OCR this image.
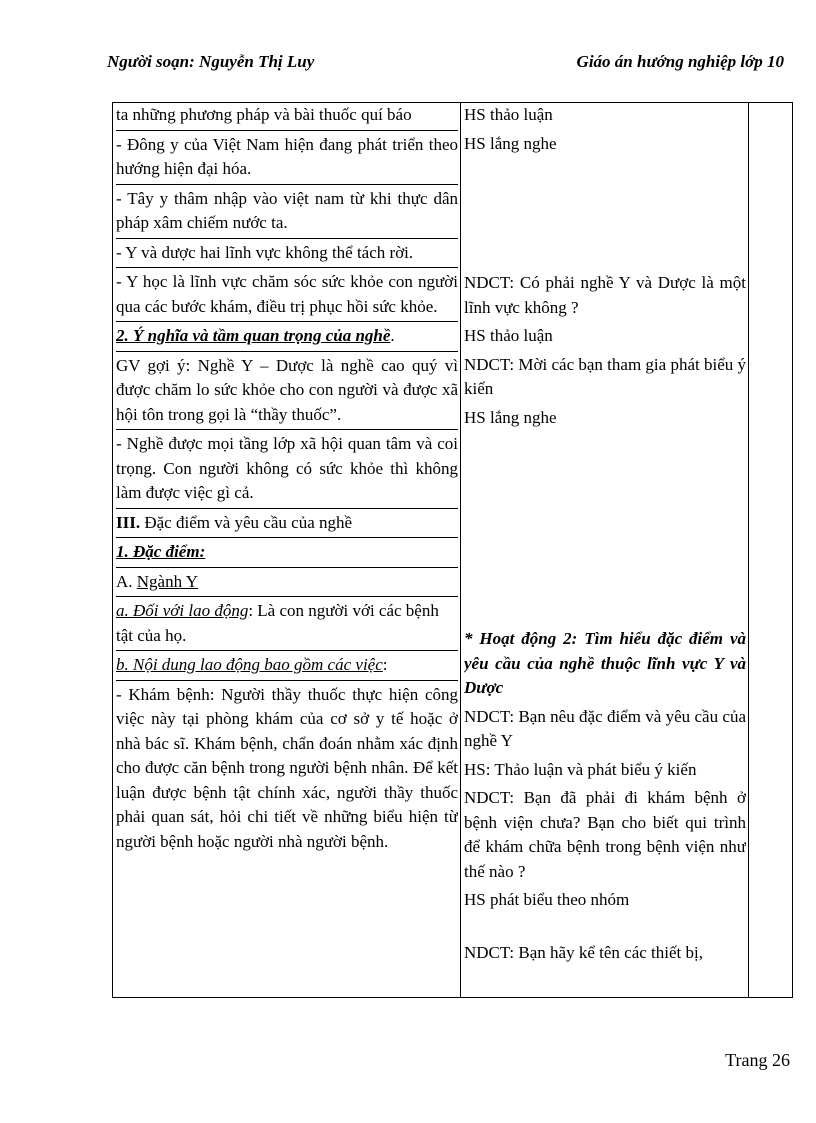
Người soạn: Nguyễn Thị Luy	Giáo án hướng nghiệp lớp 10

ta những phương pháp và bài thuốc quí báo

- Đông y của Việt Nam hiện đang phát triển theo hướng hiện đại hóa.

- Tây y thâm nhập vào việt nam từ khi thực dân pháp xâm chiếm nước ta.

- Y và dược hai lĩnh vực không thể tách rời.

- Y học là lĩnh vực chăm sóc sức khỏe con người qua các bước khám, điều trị phục hồi sức khỏe.

2. Ý nghĩa và tầm quan trọng của nghề.

GV gợi ý: Nghề Y – Dược là nghề cao quý vì được chăm lo sức khỏe cho con người và được xã hội tôn trong gọi là “thầy thuốc”.

- Nghề được mọi tầng lớp xã hội quan tâm và coi trọng. Con người không có sức khỏe thì không làm được việc gì cả.

III. Đặc điểm và yêu cầu của nghề

1. Đặc điểm:

A. Ngành Y

a. Đối với lao động: Là con người với các bệnh tật của họ.

b. Nội dung lao động bao gồm các việc:

- Khám bệnh: Người thầy thuốc thực hiện công việc này tại phòng khám của cơ sở y tế hoặc ở nhà bác sĩ. Khám bệnh, chẩn đoán nhằm xác định cho được căn bệnh trong người bệnh nhân. Để kết luận được bệnh tật chính xác, người thầy thuốc phải quan sát, hỏi chi tiết về những biểu hiện từ người bệnh hoặc người nhà người bệnh.

HS thảo luận

HS lắng nghe

NDCT: Có phải nghề Y và Dược là một lĩnh vực không ?

HS thảo luận

NDCT: Mời các bạn tham gia phát biểu ý kiến

HS lắng nghe

* Hoạt động 2: Tìm hiểu đặc điểm và yêu cầu của nghề thuộc lĩnh vực Y và Dược

NDCT: Bạn nêu đặc điểm và yêu cầu của nghề Y

HS: Thảo luận và phát biểu ý kiến

NDCT: Bạn đã phải đi khám bệnh ở bệnh viện chưa? Bạn cho biết qui trình để khám chữa bệnh trong bệnh viện như thế nào ?

HS phát biểu theo nhóm

NDCT: Bạn hãy kể tên các thiết bị,

Trang 26
